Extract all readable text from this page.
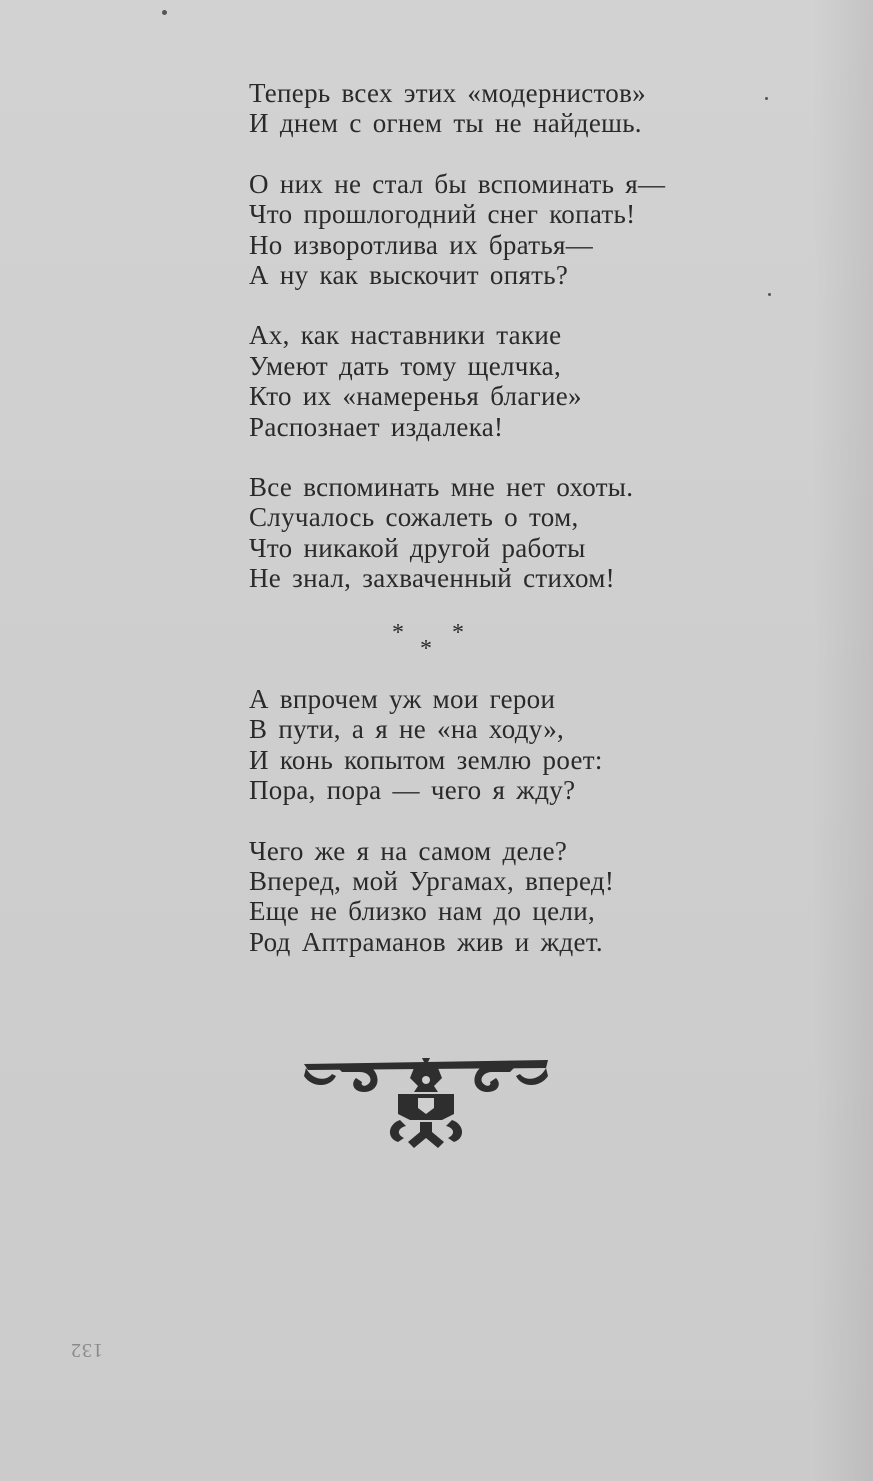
Теперь всех этих «модернистов»
И днем с огнем ты не найдешь.
О них не стал бы вспоминать я—
Что прошлогодний снег копать!
Но изворотлива их братья—
А ну как выскочит опять?
Ах, как наставники такие
Умеют дать тому щелчка,
Кто их «намеренья благие»
Распознает издалека!
Все вспоминать мне нет охоты.
Случалось сожалеть о том,
Что никакой другой работы
Не знал, захваченный стихом!
* *
*
А впрочем уж мои герои
В пути, а я не «на ходу»,
И конь копытом землю роет:
Пора, пора — чего я жду?
Чего же я на самом деле?
Вперед, мой Ургамах, вперед!
Еще не близко нам до цели,
Род Аптраманов жив и ждет.
132
